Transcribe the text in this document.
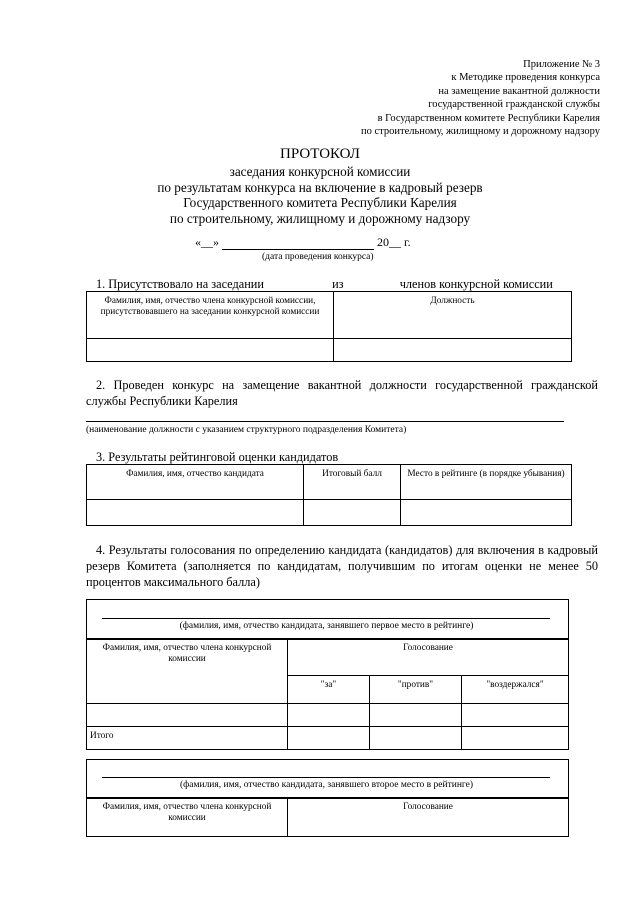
Приложение № 3
к Методике проведения конкурса
на замещение вакантной должности
государственной гражданской службы
в Государственном комитете Республики Карелия
по строительному, жилищному и дорожному надзору
ПРОТОКОЛ
заседания конкурсной комиссии
по результатам конкурса на включение в кадровый резерв
Государственного комитета Республики Карелия
по строительному, жилищному и дорожному надзору
«__»	20__ г.
(дата проведения конкурса)
1. Присутствовало на заседании	из	членов конкурсной комиссии
Фамилия, имя, отчество члена конкурсной комиссии, присутствовавшего на заседании конкурсной комиссии	Должность

2. Проведен конкурс на замещение вакантной должности государственной гражданской службы Республики Карелия
(наименование должности с указанием структурного подразделения Комитета)
3. Результаты рейтинговой оценки кандидатов
Фамилия, имя, отчество кандидата	Итоговый балл	Место в рейтинге (в порядке убывания)

4. Результаты голосования по определению кандидата (кандидатов) для включения в кадровый резерв Комитета (заполняется по кандидатам, получившим по итогам оценки не менее 50 процентов максимального балла)
(фамилия, имя, отчество кандидата, занявшего первое место в рейтинге)
Фамилия, имя, отчество члена конкурсной комиссии	Голосование		
	"за"	"против"	"воздержался"

Итого			
(фамилия, имя, отчество кандидата, занявшего второе место в рейтинге)
Фамилия, имя, отчество члена конкурсной комиссии	Голосование
